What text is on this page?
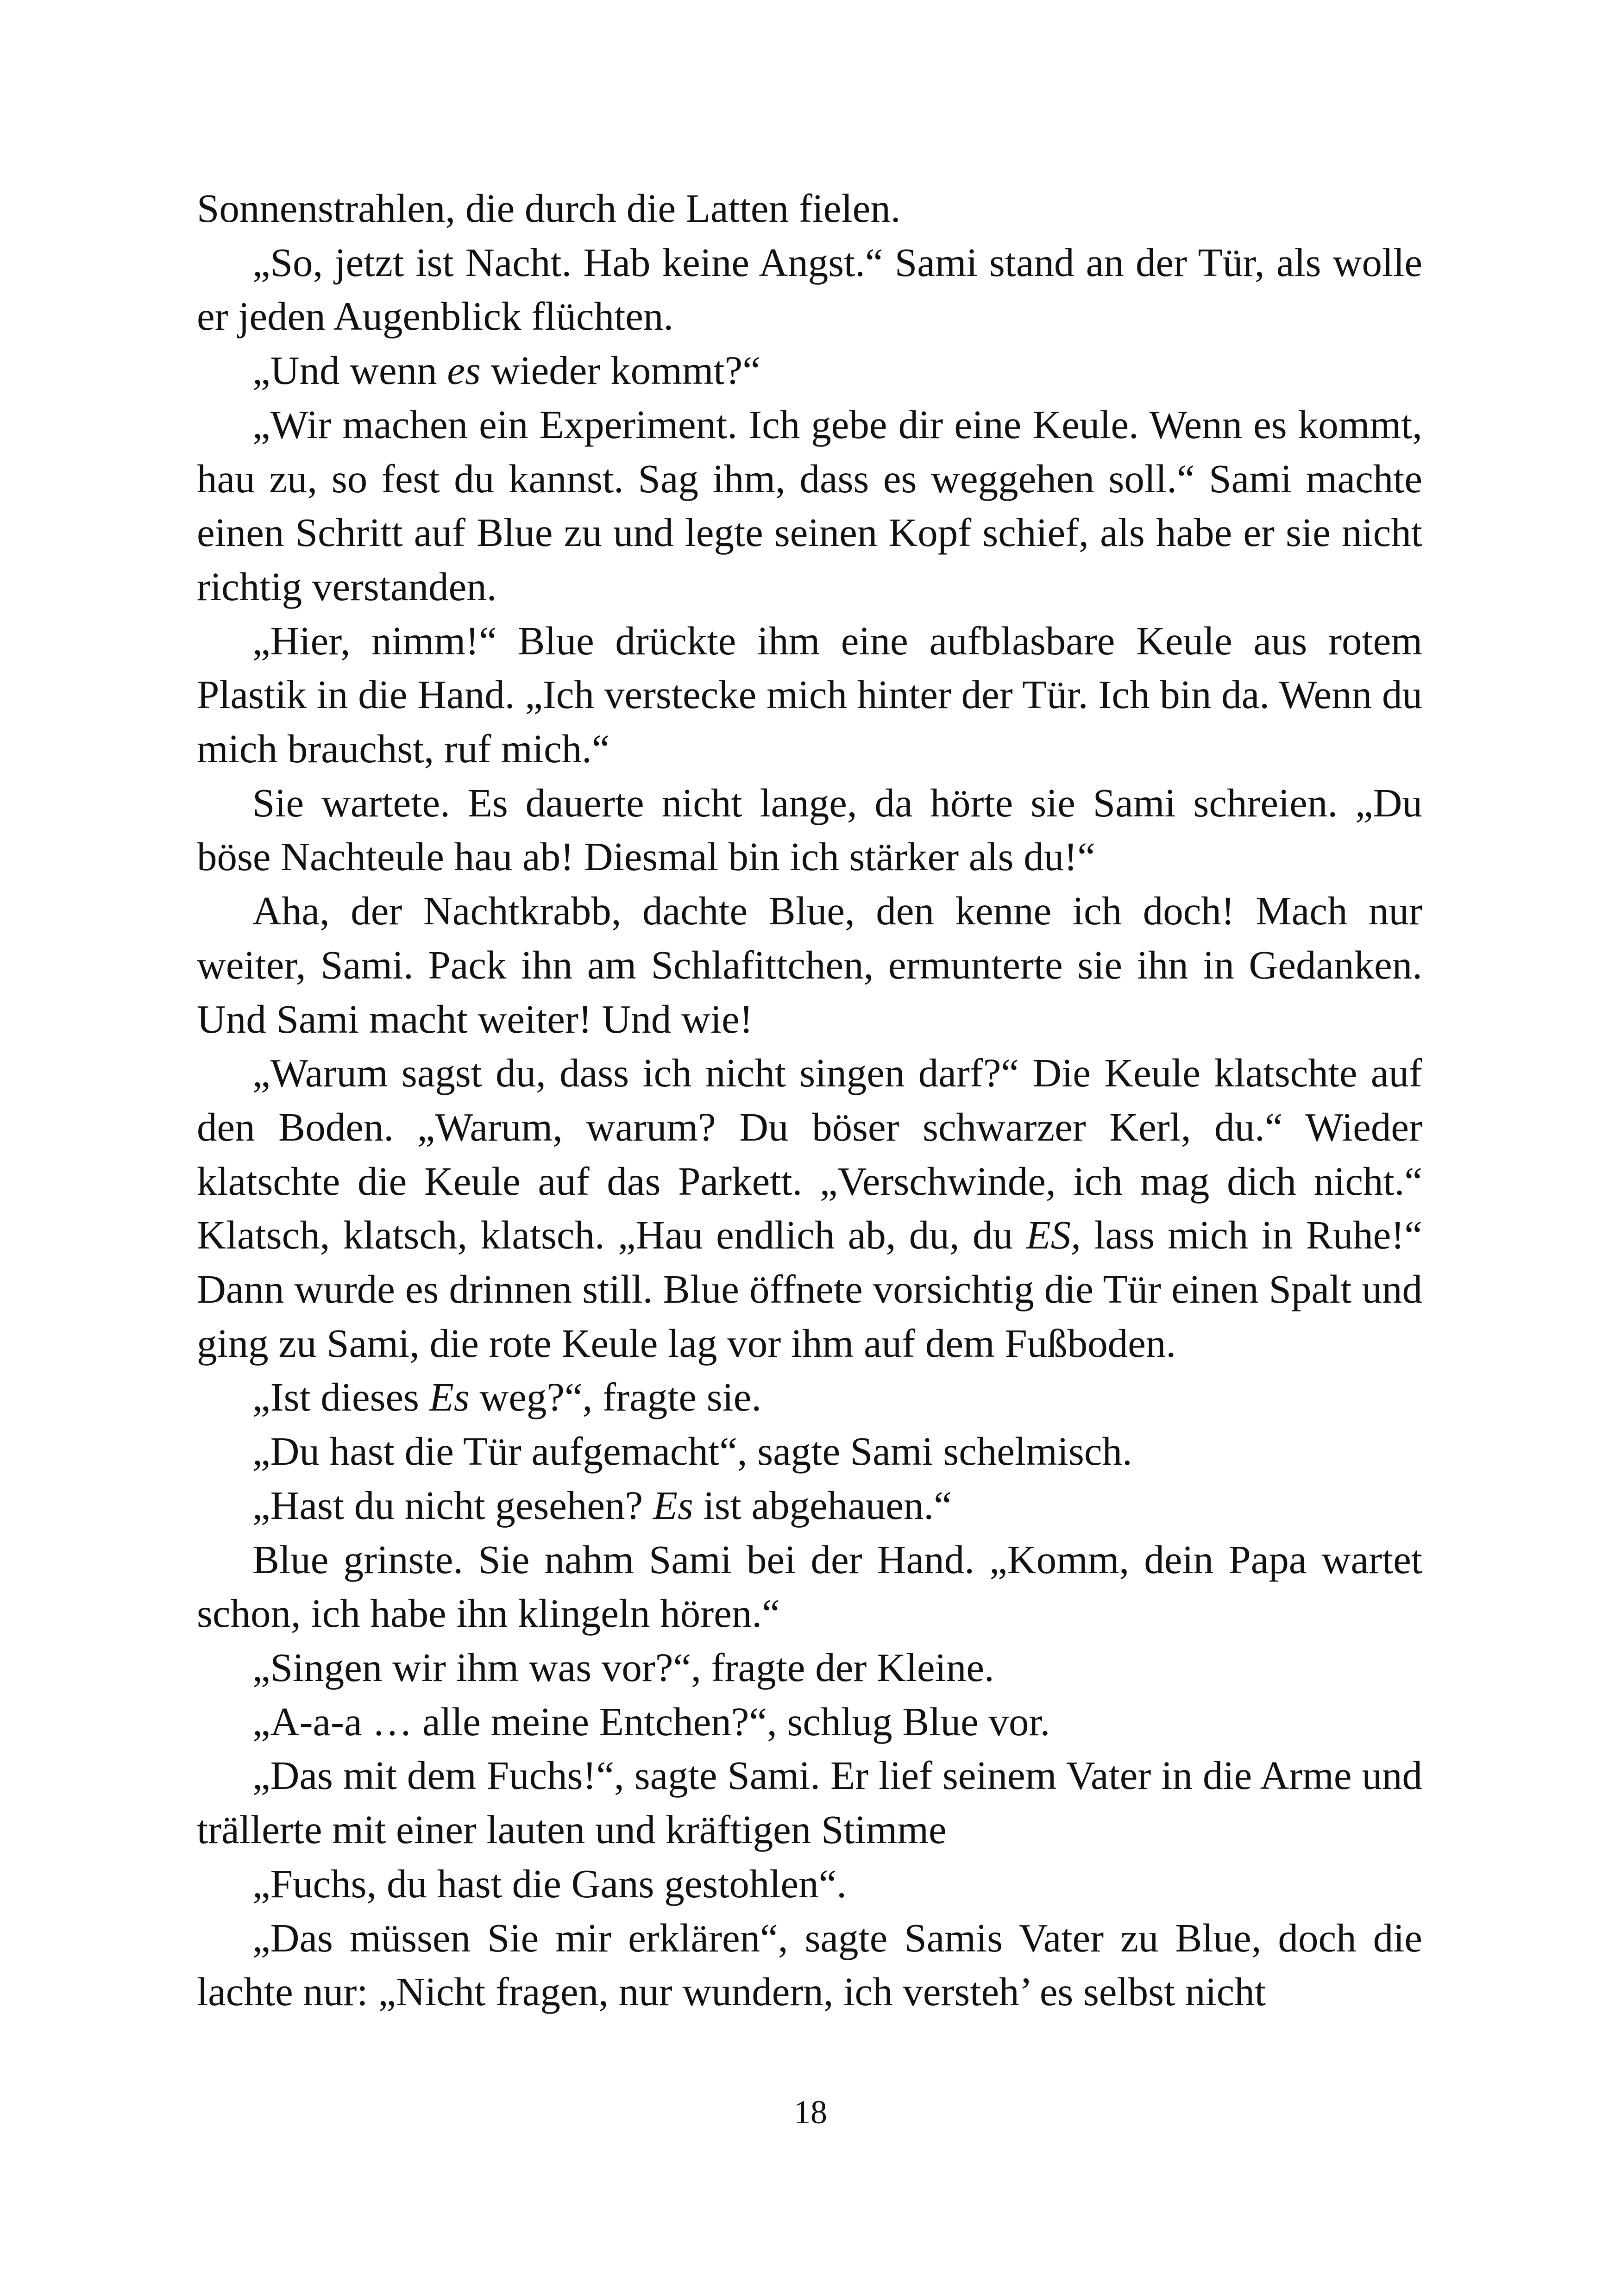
Sonnenstrahlen, die durch die Latten fielen.

„So, jetzt ist Nacht. Hab keine Angst.“ Sami stand an der Tür, als wolle er jeden Augenblick flüchten.

„Und wenn es wieder kommt?“

„Wir machen ein Experiment. Ich gebe dir eine Keule. Wenn es kommt, hau zu, so fest du kannst. Sag ihm, dass es weggehen soll.“ Sami machte einen Schritt auf Blue zu und legte seinen Kopf schief, als habe er sie nicht richtig verstanden.

„Hier, nimm!“ Blue drückte ihm eine aufblasbare Keule aus rotem Plastik in die Hand. „Ich verstecke mich hinter der Tür. Ich bin da. Wenn du mich brauchst, ruf mich.“

Sie wartete. Es dauerte nicht lange, da hörte sie Sami schreien. „Du böse Nachteule hau ab! Diesmal bin ich stärker als du!“

Aha, der Nachtkrabb, dachte Blue, den kenne ich doch! Mach nur weiter, Sami. Pack ihn am Schlafittchen, ermunterte sie ihn in Gedanken. Und Sami macht weiter! Und wie!

„Warum sagst du, dass ich nicht singen darf?“ Die Keule klatschte auf den Boden. „Warum, warum? Du böser schwarzer Kerl, du.“ Wieder klatschte die Keule auf das Parkett. „Verschwinde, ich mag dich nicht.“ Klatsch, klatsch, klatsch. „Hau endlich ab, du, du ES, lass mich in Ruhe!“ Dann wurde es drinnen still. Blue öffnete vorsichtig die Tür einen Spalt und ging zu Sami, die rote Keule lag vor ihm auf dem Fußboden.

„Ist dieses Es weg?“, fragte sie.

„Du hast die Tür aufgemacht“, sagte Sami schelmisch.

„Hast du nicht gesehen? Es ist abgehauen.“

Blue grinste. Sie nahm Sami bei der Hand. „Komm, dein Papa wartet schon, ich habe ihn klingeln hören.“

„Singen wir ihm was vor?“, fragte der Kleine.

„A-a-a … alle meine Entchen?“, schlug Blue vor.

„Das mit dem Fuchs!“, sagte Sami. Er lief seinem Vater in die Arme und trällerte mit einer lauten und kräftigen Stimme

„Fuchs, du hast die Gans gestohlen“.

„Das müssen Sie mir erklären“, sagte Samis Vater zu Blue, doch die lachte nur: „Nicht fragen, nur wundern, ich versteh’ es selbst nicht

18
